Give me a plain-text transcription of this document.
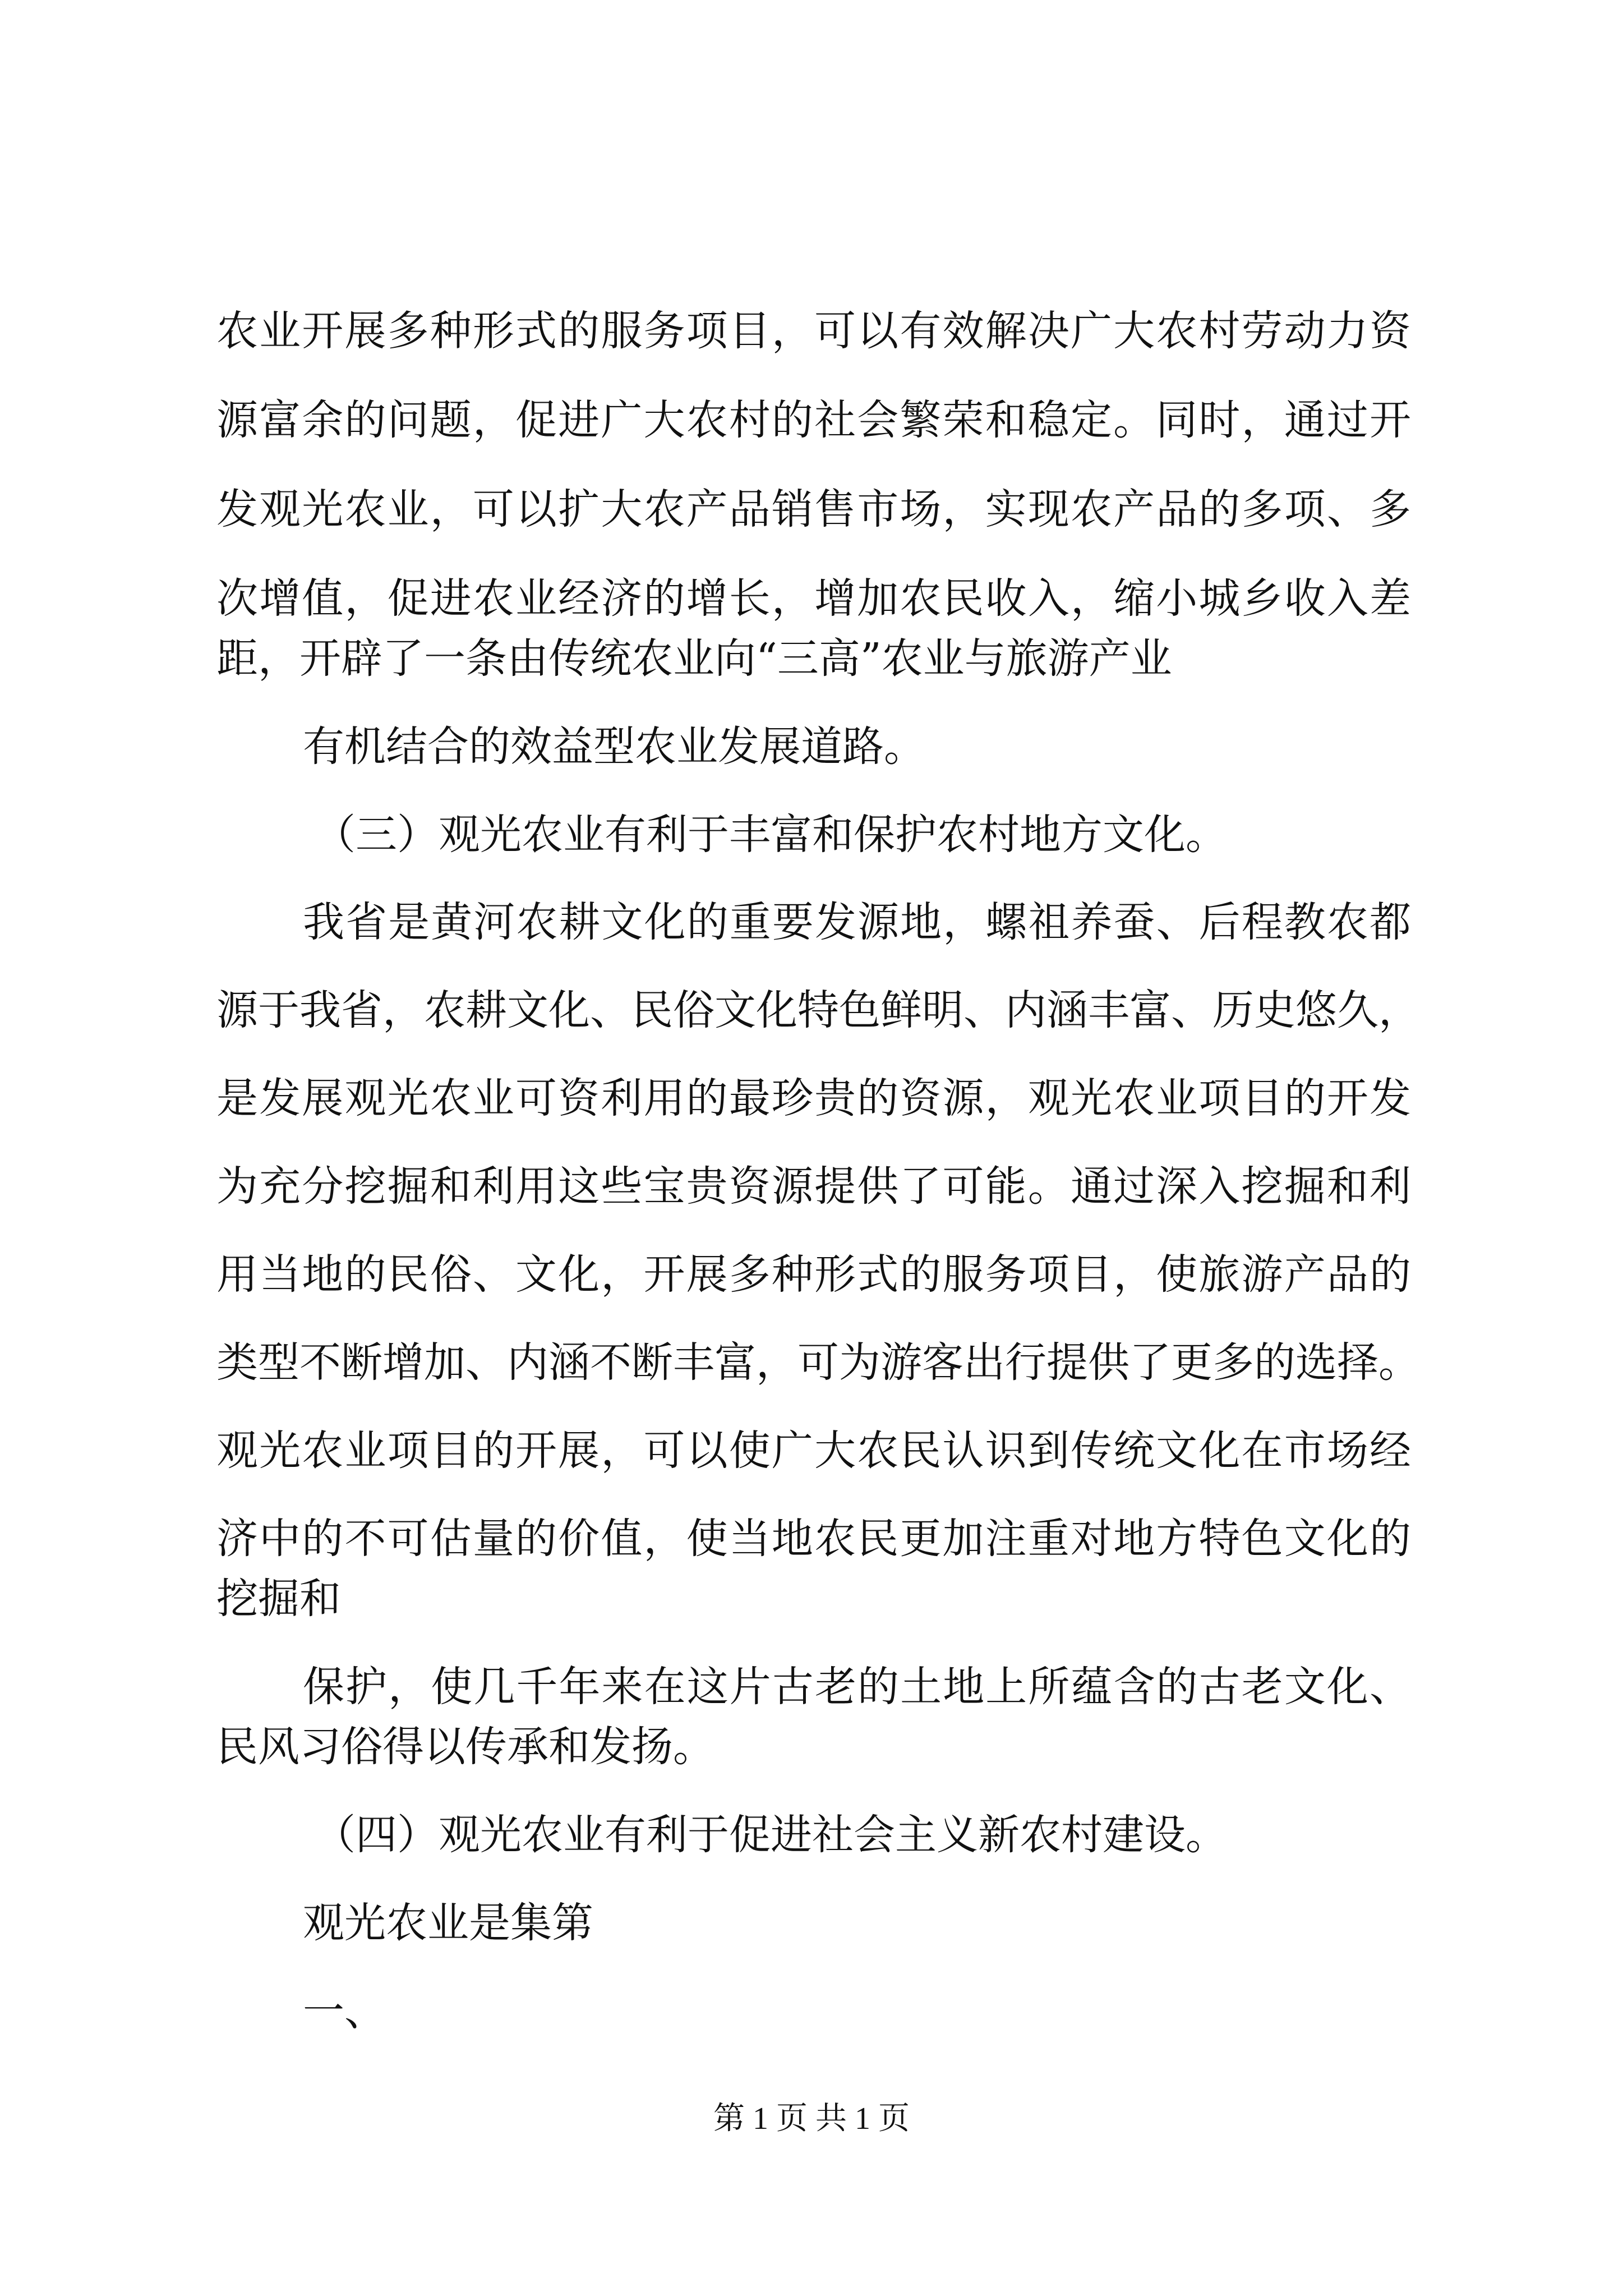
农业开展多种形式的服务项目，可以有效解决广大农村劳动力资
源富余的问题，促进广大农村的社会繁荣和稳定。同时，通过开
发观光农业，可以扩大农产品销售市场，实现农产品的多项、多
次增值，促进农业经济的增长，增加农民收入，缩小城乡收入差
距，开辟了一条由传统农业向“三高”农业与旅游产业
有机结合的效益型农业发展道路。
（三）观光农业有利于丰富和保护农村地方文化。
我省是黄河农耕文化的重要发源地，螺祖养蚕、后程教农都
源于我省，农耕文化、民俗文化特色鲜明、内涵丰富、历史悠久，
是发展观光农业可资利用的最珍贵的资源，观光农业项目的开发
为充分挖掘和利用这些宝贵资源提供了可能。通过深入挖掘和利
用当地的民俗、文化，开展多种形式的服务项目，使旅游产品的
类型不断增加、内涵不断丰富，可为游客出行提供了更多的选择。
观光农业项目的开展，可以使广大农民认识到传统文化在市场经
济中的不可估量的价值，使当地农民更加注重对地方特色文化的
挖掘和
保护，使几千年来在这片古老的土地上所蕴含的古老文化、
民风习俗得以传承和发扬。
（四）观光农业有利于促进社会主义新农村建设。
观光农业是集第
一、
第 1 页 共 1 页
